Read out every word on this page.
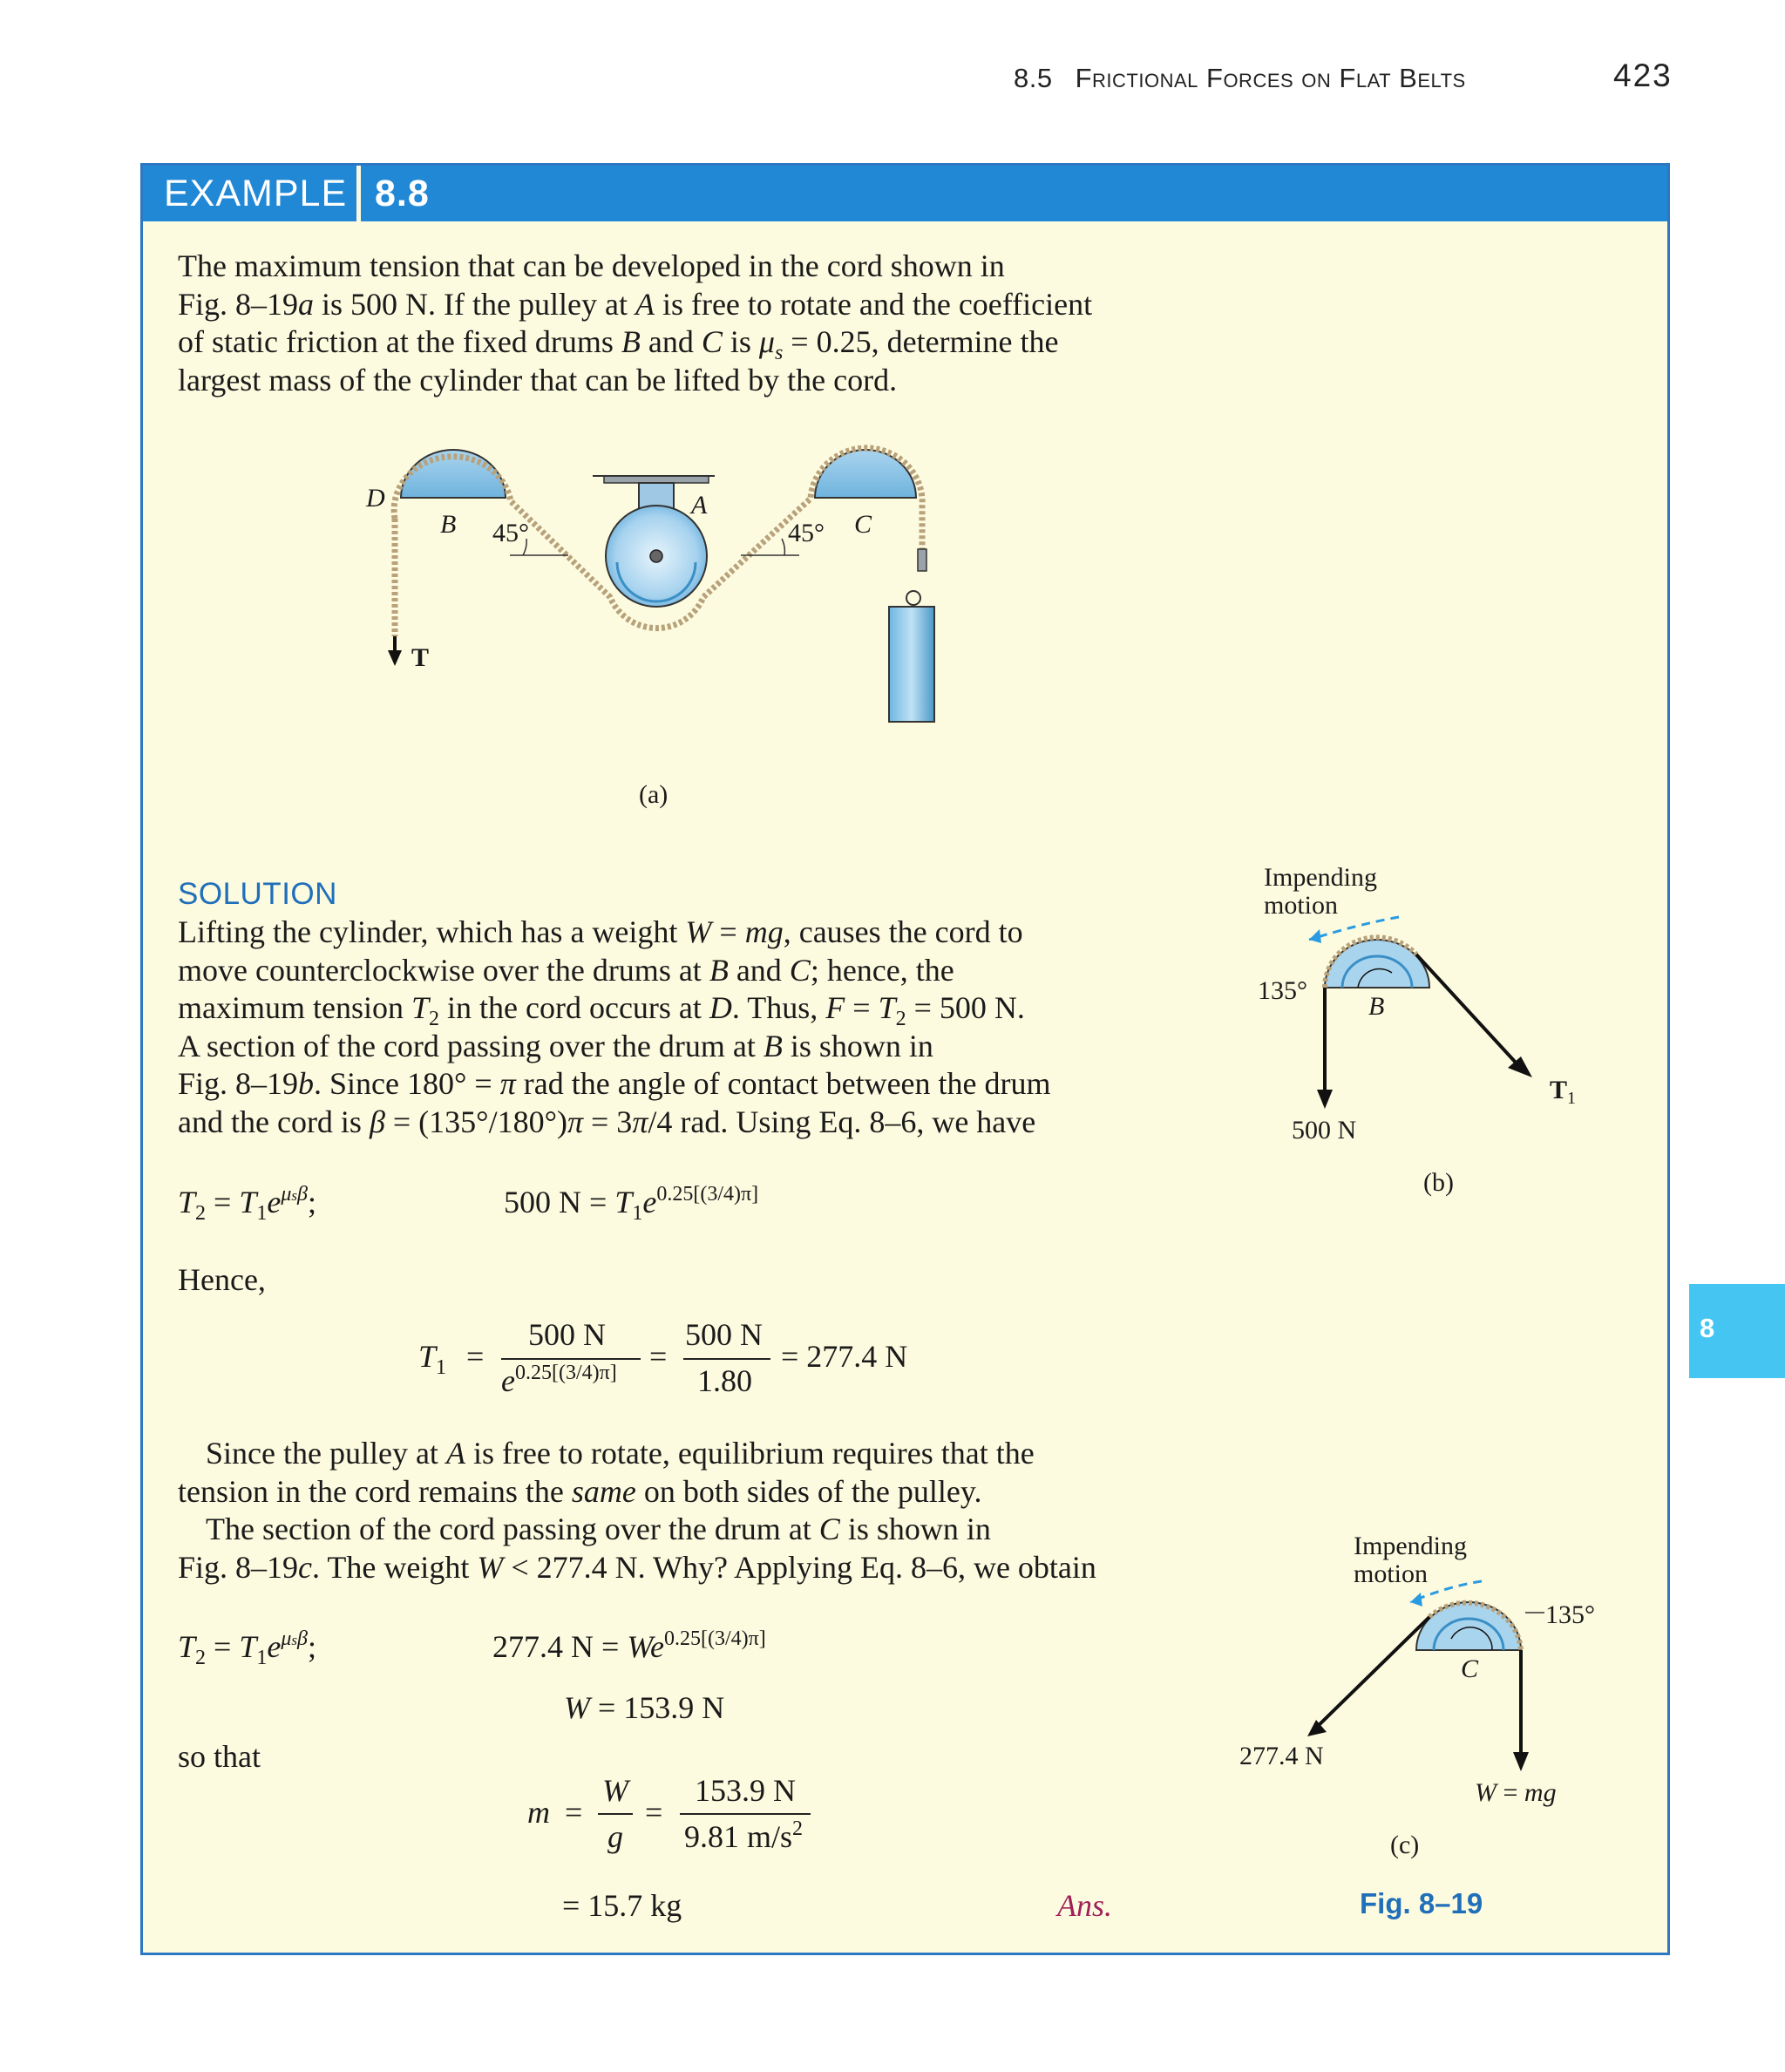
8.5 Frictional Forces on Flat Belts	423
EXAMPLE 8.8

The maximum tension that can be developed in the cord shown in

Fig. 8–19a is 500 N. If the pulley at A is free to rotate and the coefficient

of static friction at the fixed drums B and C is $\mu_s = 0.25$, determine the

largest mass of the cylinder that can be lifted by the cord.

D
B 45°
A
45° C
T
(a)
SOLUTION

Lifting the cylinder, which has a weight W = mg, causes the cord to

move counterclockwise over the drums at B and C; hence, the

maximum tension $T_2$ in the cord occurs at D. Thus, $F = T_2 = 500$ N.

A section of the cord passing over the drum at B is shown in

Fig. 8–19b. Since 180° = π rad the angle of contact between the drum

and the cord is β = (135°/180°)π = 3π/4 rad. Using Eq. 8–6, we have

$T_2 = T_1e^{\mu s\beta}$;	500 $N = T_1e^{0.25[(3/4)\pi]}$
Hence,
$T_1$ =
500 N
$e^{0.25[(3/4)\pi]}$ =
500 N
1.80
= 277.4 N

Since the pulley at A is free to rotate, equilibrium requires that the

tension in the cord remains the same on both sides of the pulley.

The section of the cord passing over the drum at C is shown in

Fig. 8–19c. The weight W < 277.4 N. Why? Applying Eq. 8–6, we obtain

$T_2 = T_1e^{\mu s\beta}$;	277.4 $N = We^{0.25[(3/4)\pi]}$
W = 153.9 N
so that
m =
W
g
=
153.9 N
9.81 $m/s^2$
= 15.7 kg	Ans.
Impending
motion
135°
B
$T_1$
500 N
(b)
Impending
motion
135°
C
277.4 N
W = mg
(c)
Fig. 8–19
8
